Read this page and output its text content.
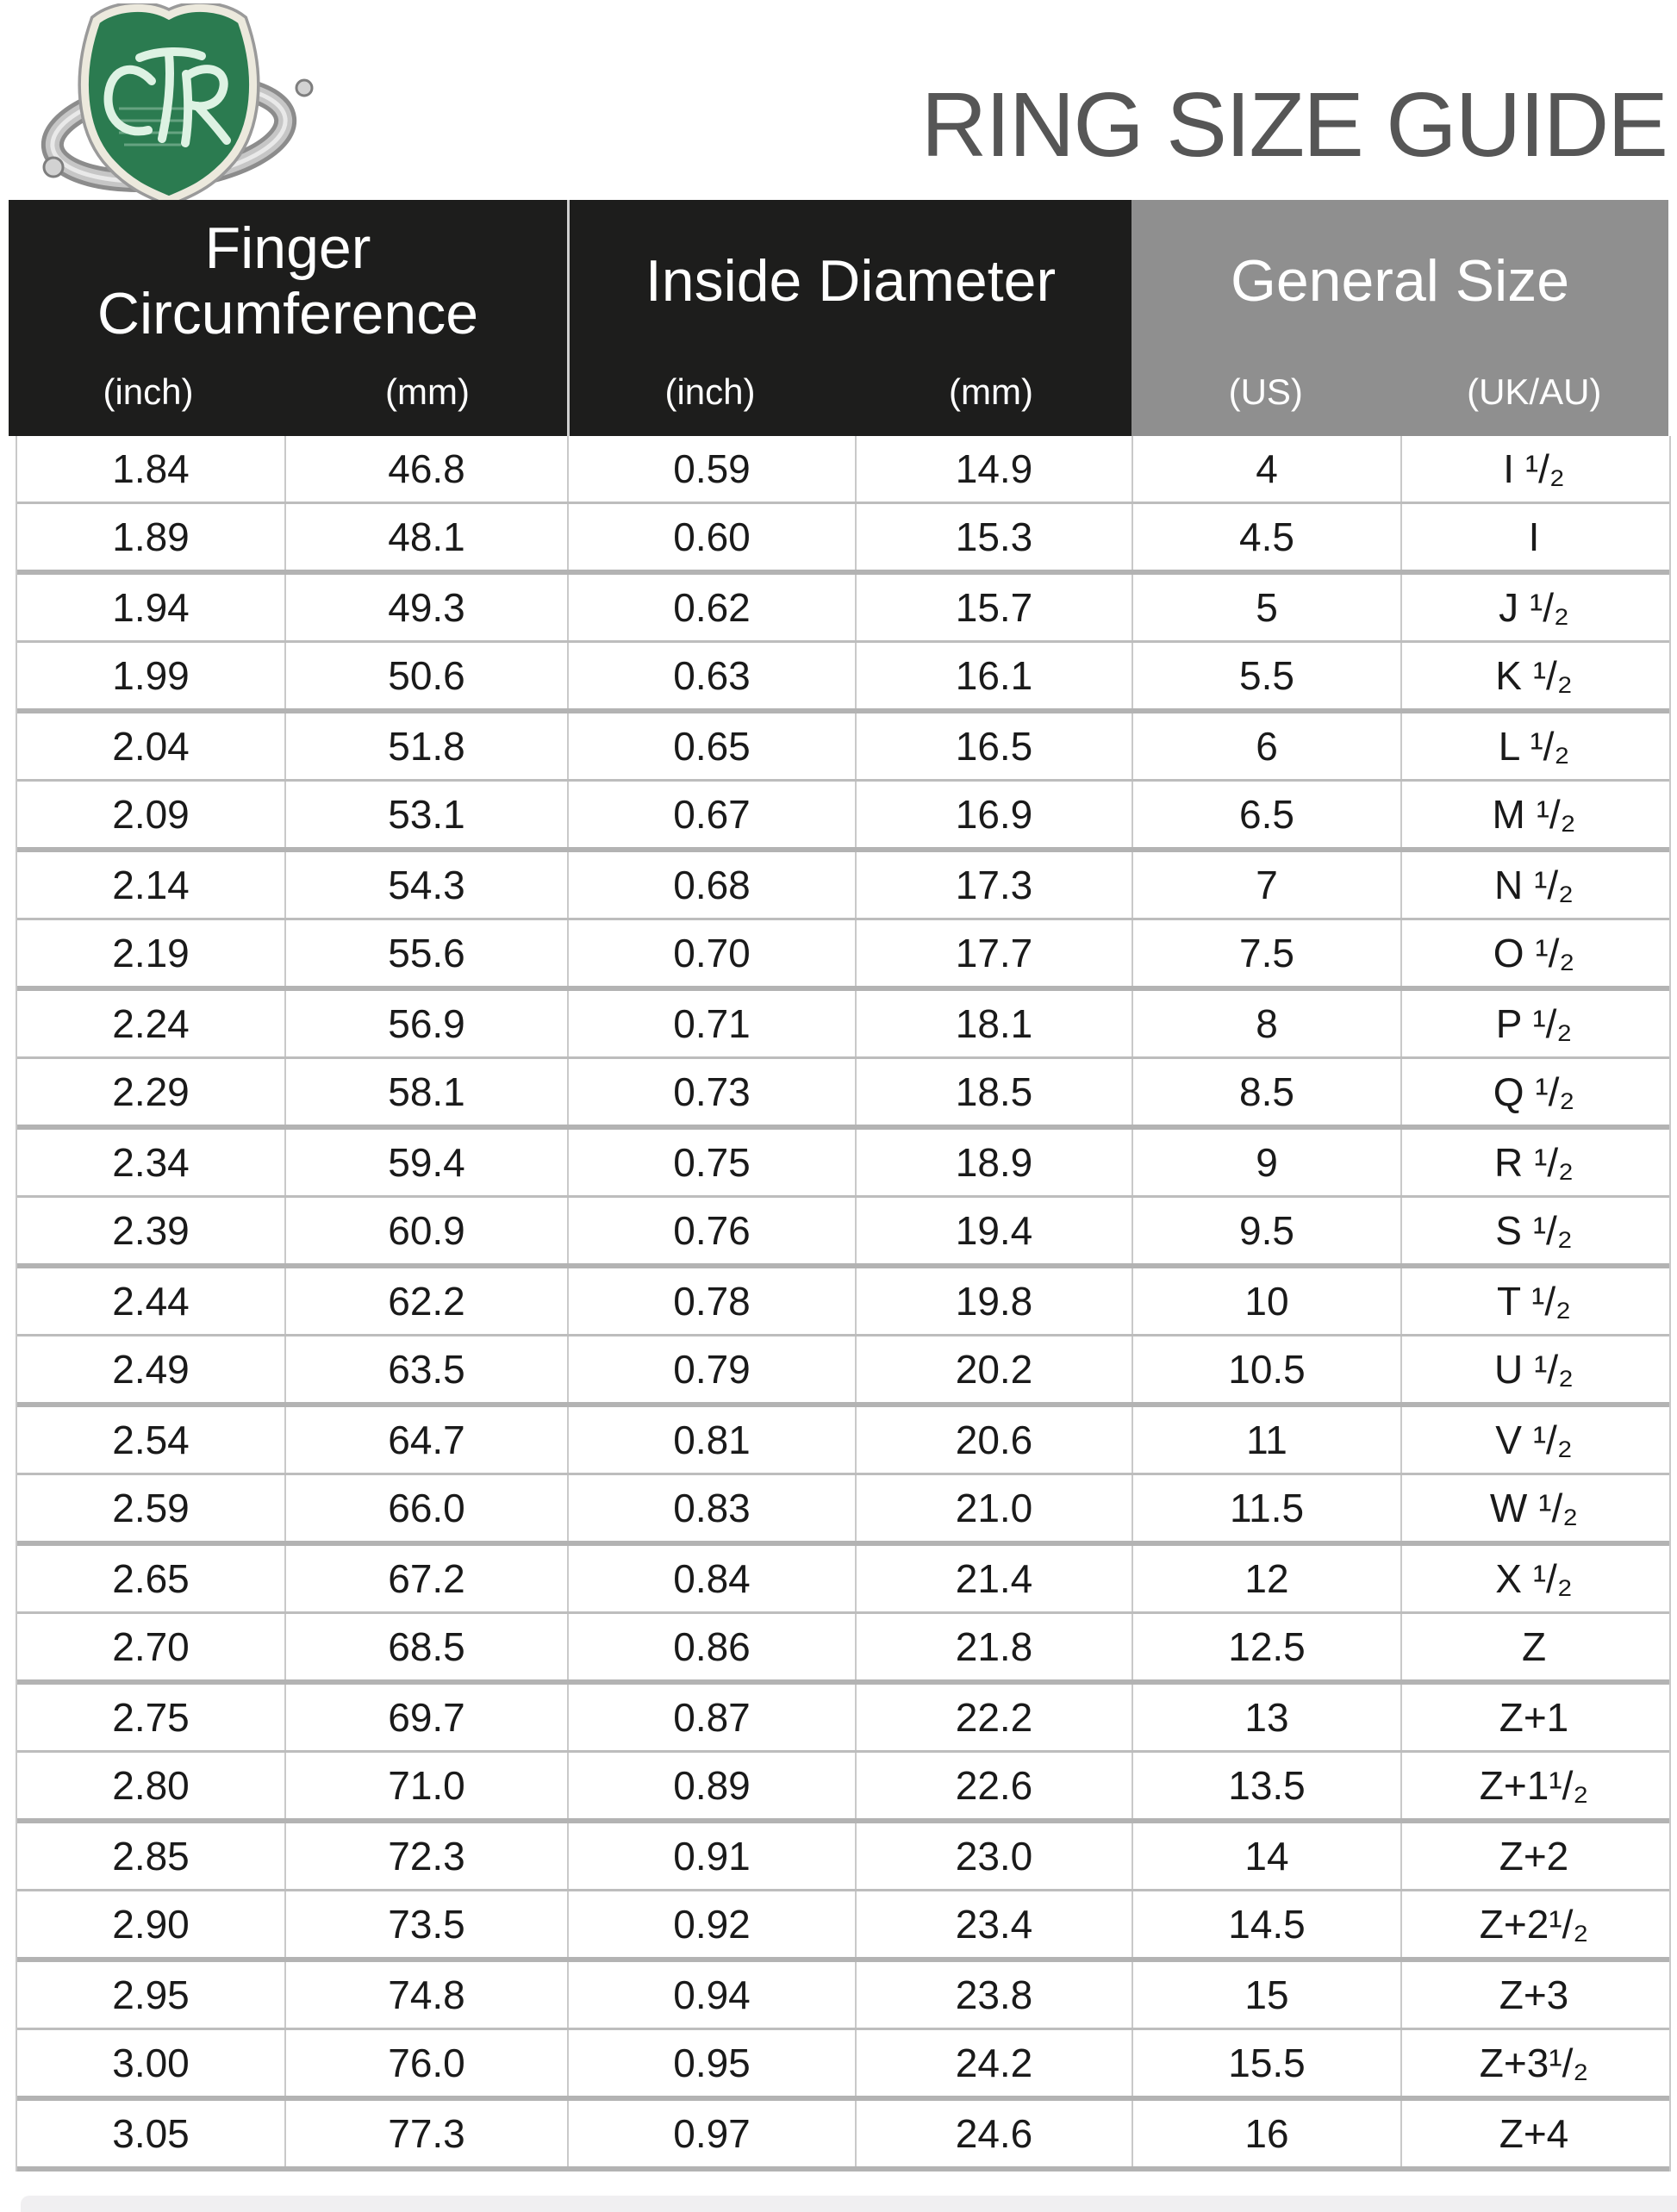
RING SIZE GUIDE
Finger Circumference
(inch)	(mm)
Inside Diameter
(inch)	(mm)
General Size
(US)	(UK/AU)
1.84	46.8	0.59	14.9	4	I ¹/₂
1.89	48.1	0.60	15.3	4.5	I
1.94	49.3	0.62	15.7	5	J ¹/₂
1.99	50.6	0.63	16.1	5.5	K ¹/₂
2.04	51.8	0.65	16.5	6	L ¹/₂
2.09	53.1	0.67	16.9	6.5	M ¹/₂
2.14	54.3	0.68	17.3	7	N ¹/₂
2.19	55.6	0.70	17.7	7.5	O ¹/₂
2.24	56.9	0.71	18.1	8	P ¹/₂
2.29	58.1	0.73	18.5	8.5	Q ¹/₂
2.34	59.4	0.75	18.9	9	R ¹/₂
2.39	60.9	0.76	19.4	9.5	S ¹/₂
2.44	62.2	0.78	19.8	10	T ¹/₂
2.49	63.5	0.79	20.2	10.5	U ¹/₂
2.54	64.7	0.81	20.6	11	V ¹/₂
2.59	66.0	0.83	21.0	11.5	W ¹/₂
2.65	67.2	0.84	21.4	12	X ¹/₂
2.70	68.5	0.86	21.8	12.5	Z
2.75	69.7	0.87	22.2	13	Z+1
2.80	71.0	0.89	22.6	13.5	Z+1¹/₂
2.85	72.3	0.91	23.0	14	Z+2
2.90	73.5	0.92	23.4	14.5	Z+2¹/₂
2.95	74.8	0.94	23.8	15	Z+3
3.00	76.0	0.95	24.2	15.5	Z+3¹/₂
3.05	77.3	0.97	24.6	16	Z+4
